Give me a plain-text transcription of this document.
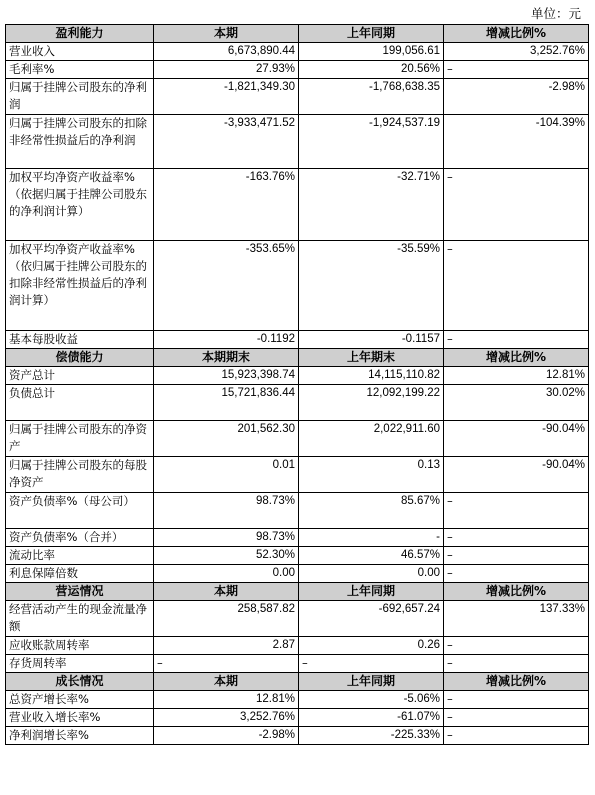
单位：元
盈利能力	本期	上年同期	增减比例%
营业收入	6,673,890.44	199,056.61	3,252.76%
毛利率%	27.93%	20.56%	–
归属于挂牌公司股东的净利润	-1,821,349.30	-1,768,638.35	-2.98%
归属于挂牌公司股东的扣除非经常性损益后的净利润	-3,933,471.52	-1,924,537.19	-104.39%
加权平均净资产收益率%（依据归属于挂牌公司股东的净利润计算）	-163.76%	-32.71%	–
加权平均净资产收益率%（依归属于挂牌公司股东的扣除非经常性损益后的净利润计算）	-353.65%	-35.59%	–
基本每股收益	-0.1192	-0.1157	–
偿债能力	本期期末	上年期末	增减比例%
资产总计	15,923,398.74	14,115,110.82	12.81%
负债总计	15,721,836.44	12,092,199.22	30.02%
归属于挂牌公司股东的净资产	201,562.30	2,022,911.60	-90.04%
归属于挂牌公司股东的每股净资产	0.01	0.13	-90.04%
资产负债率%（母公司）	98.73%	85.67%	–
资产负债率%（合并）	98.73%	-	–
流动比率	52.30%	46.57%	–
利息保障倍数	0.00	0.00	–
营运情况	本期	上年同期	增减比例%
经营活动产生的现金流量净额	258,587.82	-692,657.24	137.33%
应收账款周转率	2.87	0.26	–
存货周转率	–	–	–
成长情况	本期	上年同期	增减比例%
总资产增长率%	12.81%	-5.06%	–
营业收入增长率%	3,252.76%	-61.07%	–
净利润增长率%	-2.98%	-225.33%	–
